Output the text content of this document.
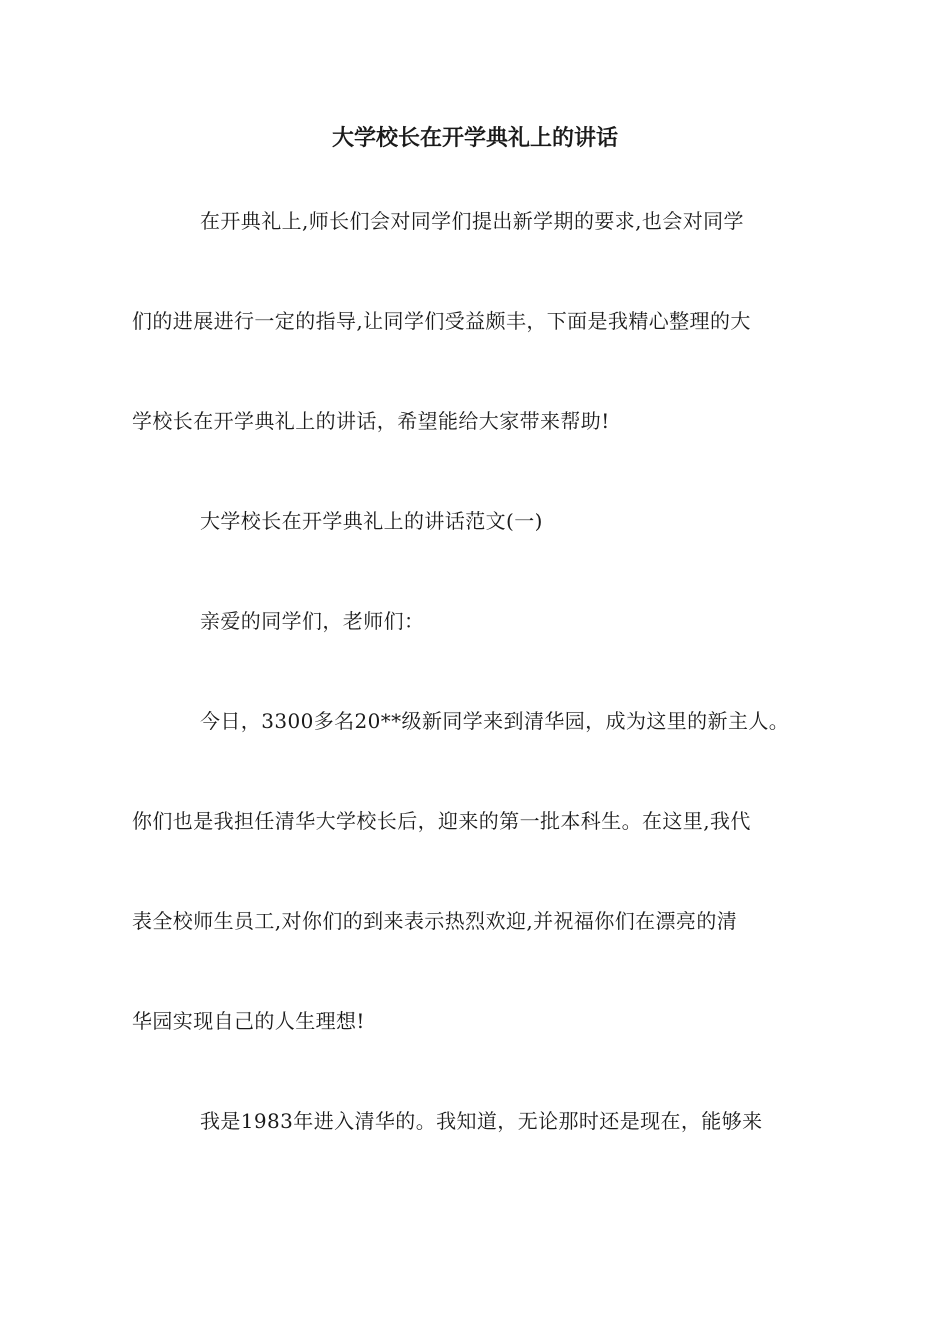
大学校长在开学典礼上的讲话
在开典礼上,师长们会对同学们提出新学期的要求,也会对同学
们的进展进行一定的指导,让同学们受益颇丰，下面是我精心整理的大
学校长在开学典礼上的讲话，希望能给大家带来帮助!
大学校长在开学典礼上的讲话范文(一)
亲爱的同学们，老师们：
今日，3300多名20**级新同学来到清华园，成为这里的新主人。
你们也是我担任清华大学校长后，迎来的第一批本科生。在这里,我代
表全校师生员工,对你们的到来表示热烈欢迎,并祝福你们在漂亮的清
华园实现自己的人生理想!
我是1983年进入清华的。我知道，无论那时还是现在，能够来
